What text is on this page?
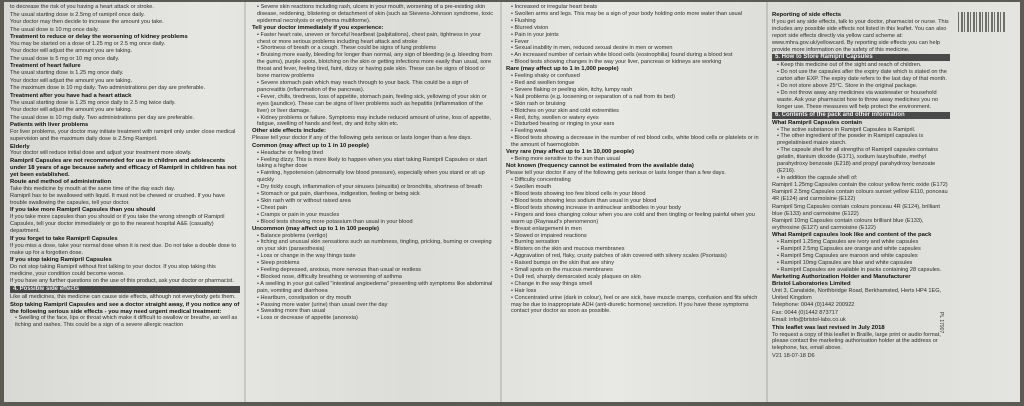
to decrease the risk of you having a heart attack or stroke.

The usual starting dose is 2.5mg of ramipril once daily.

Your doctor may then decide to increase the amount you take.

The usual dose is 10 mg once daily.

Treatment to reduce or delay the worsening of kidney problems

You may be started on a dose of 1.25 mg or 2.5 mg once daily.

Your doctor will adjust the amount you are taking.

The usual dose is 5 mg or 10 mg once daily.

Treatment of heart failure

The usual starting dose is 1.25 mg once daily.

Your doctor will adjust the amount you are taking.

The maximum dose is 10 mg daily. Two administrations per day are preferable.

Treatment after you have had a heart attack

The usual starting dose is 1.25 mg once daily to 2.5 mg twice daily.

Your doctor will adjust the amount you are taking.

The usual dose is 10 mg daily. Two administrations per day are preferable.

Patients with liver problems

For liver problems, your doctor may initiate treatment with ramipril only under close medical supervision and the maximum daily dose is 2.5mg Ramipril.

Elderly

Your doctor will reduce initial dose and adjust your treatment more slowly.

Ramipril Capsules are not recommended for use in children and adolescents under 18 years of age because safety and efficacy of Ramipril in children has not yet been established.
Route and method of administration

Take this medicine by mouth at the same time of the day each day.

Ramipril has to be swallowed with liquid. It must not be chewed or crushed. If you have trouble swallowing the capsules, tell your doctor.

If you take more Ramipril Capsules than you should

If you take more capsules than you should or if you take the wrong strength of Ramipril Capsules, tell your doctor immediately or go to the nearest hospital A&E (casualty) department.

If you forget to take Ramipril Capsules

If you miss a dose, take your normal dose when it is next due. Do not take a double dose to make up for a forgotten dose.

If you stop taking Ramipril Capsules

Do not stop taking Ramipril without first talking to your doctor. If you stop taking this medicine, your condition could become worse.

If you have any further questions on the use of this product, ask your doctor or pharmacist.

4. Possible side effects

Like all medicines, this medicine can cause side effects, although not everybody gets them.

Stop taking Ramipril Capsules and see a doctor straight away, if you notice any of the following serious side effects - you may need urgent medical treatment:
• Swelling of the face, lips or throat which make it difficult to swallow or breathe, as well as itching and rashes. This could be a sign of a severe allergic reaction
• Severe skin reactions including rash, ulcers in your mouth, worsening of a pre-existing skin disease, reddening, blistering or detachment of skin (such as Stevens-Johnson syndrome, toxic epidermal necrolysis or erythema multiforme).
Tell your doctor immediately if you experience:
• Faster heart rate, uneven or forceful heartbeat (palpitations), chest pain, tightness in your chest or more serious problems including heart attack and stroke
• Shortness of breath or a cough. These could be signs of lung problems
• Bruising more easily, bleeding for longer than normal, any sign of bleeding (e.g. bleeding from the gums), purple spots, blotching on the skin or getting infections more easily than usual, sore throat and fever, feeling tired, faint, dizzy or having pale skin. These can be signs of blood or bone marrow problems
• Severe stomach pain which may reach through to your back. This could be a sign of pancreatitis (inflammation of the pancreas).
• Fever, chills, tiredness, loss of appetite, stomach pain, feeling sick, yellowing of your skin or eyes (jaundice). These can be signs of liver problems such as hepatitis (inflammation of the liver) or liver damage.
• Kidney problems or failure. Symptoms may include reduced amount of urine, loss of appetite, fatigue, swelling of hands and feet, dry and itchy skin etc.
Other side effects include:

Please tell your doctor if any of the following gets serious or lasts longer than a few days.

Common (may affect up to 1 in 10 people)
• Headache or feeling tired
• Feeling dizzy. This is more likely to happen when you start taking Ramipril Capsules or start taking a higher dose
• Fainting, hypotension (abnormally low blood pressure), especially when you stand or sit up quickly
• Dry tickly cough, inflammation of your sinuses (sinusitis) or bronchitis, shortness of breath
• Stomach or gut pain, diarrhoea, indigestion, feeling or being sick
• Skin rash with or without raised area
• Chest pain
• Cramps or pain in your muscles
• Blood tests showing more potassium than usual in your blood
Uncommon (may affect up to 1 in 100 people)
• Balance problems (vertigo)
• Itching and unusual skin sensations such as numbness, tingling, pricking, burning or creeping on your skin (paraesthesia)
• Loss or change in the way things taste
• Sleep problems
• Feeling depressed, anxious, more nervous than usual or restless
• Blocked nose, difficulty breathing or worsening of asthma
• A swelling in your gut called "intestinal angioedema" presenting with symptoms like abdominal pain, vomiting and diarrhoea
• Heartburn, constipation or dry mouth
• Passing more water (urine) than usual over the day
• Sweating more than usual
• Loss or decrease of appetite (anorexia)
• Increased or irregular heart beats
• Swollen arms and legs. This may be a sign of your body holding onto more water than usual
• Flushing
• Blurred vision
• Pain in your joints
• Fever
• Sexual inability in men, reduced sexual desire in men or women
• An increased number of certain white blood cells (eosinophilia) found during a blood test
• Blood tests showing changes in the way your liver, pancreas or kidneys are working
Rare (may affect up to 1 in 1,000 people)
• Feeling shaky or confused
• Red and swollen tongue
• Severe flaking or peeling skin, itchy, lumpy rash
• Nail problems (e.g. loosening or separation of a nail from its bed)
• Skin rash or bruising
• Blotches on your skin and cold extremities
• Red, itchy, swollen or watery eyes
• Disturbed hearing or ringing in your ears
• Feeling weak
• Blood tests showing a decrease in the number of red blood cells, white blood cells or platelets or in the amount of haemoglobin
Very rare (may affect up to 1 in 10,000 people)
• Being more sensitive to the sun than usual
Not known (frequency cannot be estimated from the available data)

Please tell your doctor if any of the following gets serious or lasts longer than a few days.

• Difficulty concentrating
• Swollen mouth
• Blood tests showing too few blood cells in your blood
• Blood tests showing less sodium than usual in your blood
• Blood tests showing increase in antinuclear antibodies in your body
• Fingers and toes changing colour when you are cold and then tingling or feeling painful when you warm up (Raynaud's phenomenon)
• Breast enlargement in men
• Slowed or impaired reactions
• Burning sensation
• Blisters on the skin and mucous membranes
• Aggravation of red, flaky, crusty patches of skin covered with silvery scales (Psoriasis)
• Raised bumps on the skin that are shiny
• Small spots on the mucous membranes
• Dull red, sharply demarcated scaly plaques on skin
• Change in the way things smell
• Hair loss
• Concentrated urine (dark in colour), feel or are sick, have muscle cramps, confusion and fits which may be due to inappropriate ADH (anti-diuretic hormone) secretion. If you have these symptoms contact your doctor as soon as possible.
Reporting of side effects

If you get any side effects, talk to your doctor, pharmacist or nurse. This includes any possible side effects not listed in this leaflet. You can also report side effects directly via yellow card scheme at: www.mhra.gov.uk/yellowcard. By reporting side effects you can help provide more information on the safety of this medicine.

5. How to Store Ramipril Capsules
• Keep this medicine out of the sight and reach of children.
• Do not use the capsules after the expiry date which is stated on the carton after EXP. The expiry date refers to the last day of that month.
• Do not store above 25°C. Store in the original package.
• Do not throw away any medicines via wastewater or household waste. Ask your pharmacist how to throw away medicines you no longer use. These measures will help protect the environment.
6. Contents of the pack and other information
What Ramipril Capsules contain
• The active substance in Ramipril Capsules is Ramipril.
• The other ingredient of the powder in Ramipril capsules is pregelatinised maize starch.
• The capsule shell for all strengths of Ramipril capsules contains gelatin, titanium dioxide (E171), sodium laurylsulfate, methyl parahydroxy benzoate (E218) and propyl parahydroxy benzoate (E216).
• In addition the capsule shell of:

Ramipril 1.25mg Capsules contain the colour yellow ferric oxide (E172)

Ramipril 2.5mg Capsules contain colours sunset yellow E110, ponceau 4R (E124) and carmoisine (E122)

Ramipril 5mg Capsules contain colours ponceau 4R (E124), brilliant blue (E133) and carmoisine (E122)

Ramipril 10mg Capsules contain colours brilliant blue (E133), erythrosine (E127) and carmoisine (E122)

What Ramipril capsules look like and content of the pack
• Ramipril 1.25mg Capsules are ivory and white capsules
• Ramipril 2.5mg Capsules are orange and white capsules
• Ramipril 5mg Capsules are maroon and white capsules
• Ramipril 10mg Capsules are blue and white capsules
• Ramipril Capsules are available in packs containing 28 capsules.
Marketing Authorization Holder and Manufacturer
Bristol Laboratories Limited

Unit 3, Canalside, Northbridge Road, Berkhamsted, Herts HP4 1EG, United Kingdom

Telephone: 0044 (0)1442 200922

Fax: 0044 (0)1442 873717

Email: info@bristol-labs.co.uk

This leaflet was last revised in July 2018

To request a copy of this leaflet in Braille, large print or audio format, please contact the marketing authorisation holder at the address or telephone, fax, email above.

V21 18-07-18 D6

PL 17907
